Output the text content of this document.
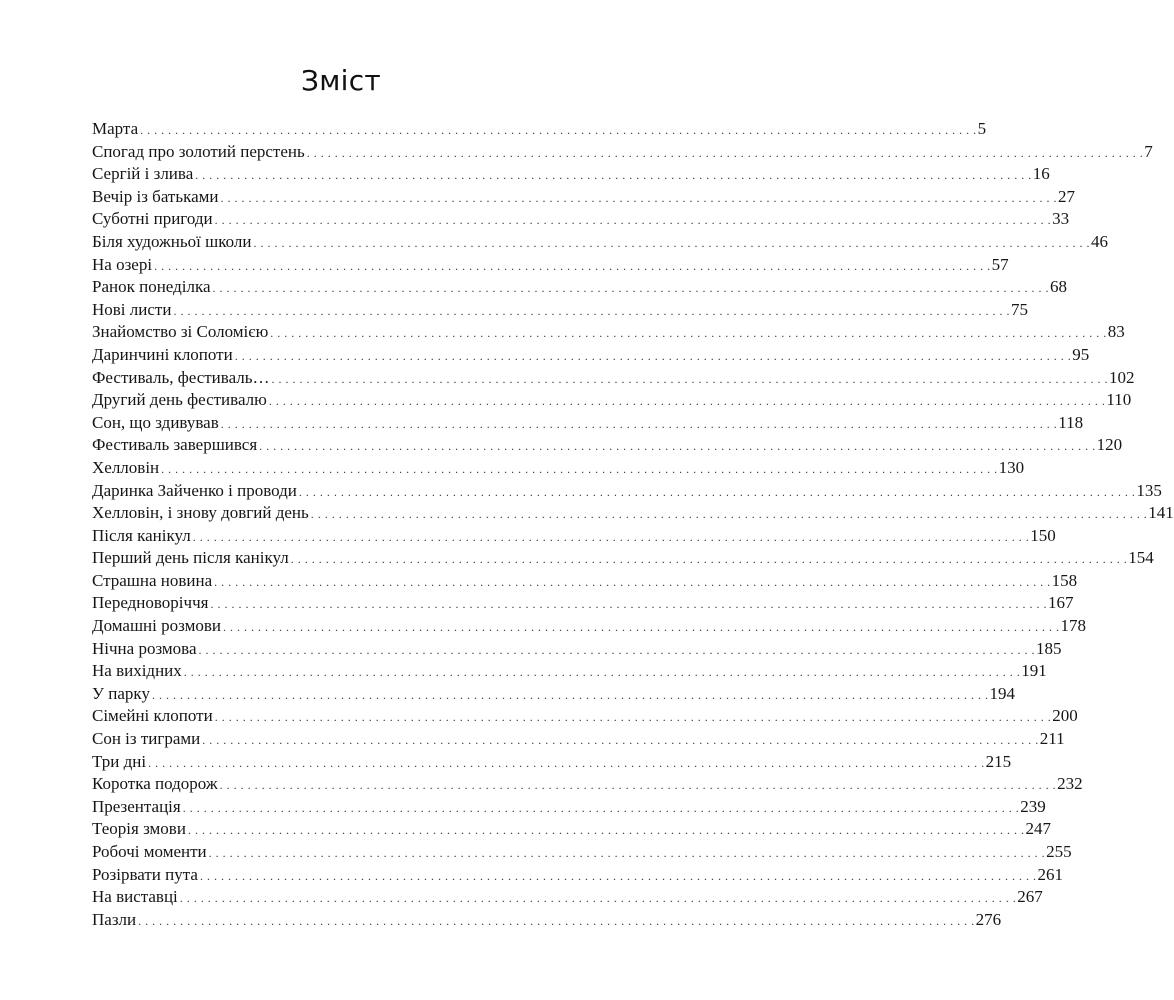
Зміст
Марта . . . . . . . . . . . . . . . . . . . . . . . . . . . . . . . . . . . . . . . . . . . . . . . . . . . . . . . . . . . . . . . . . . . . . . . . . . . . . . . . . . . . . . . . . . . . . . . . . . . . . . . . . . . . . . . . . . . . . . . . 5
Спогад про золотий перстень . . . . . . . . . . . . . . . . . . . . . . . . . . . . . . . . . . . . . . . . . . . . . . . . . . . . . . . . . . . . . . . . . . . . . . . . . . . . . . . . . . . . . . . . . . . . . . . . . . . . . . . . . . . . . . . . . . . . . . . . 7
Сергій і злива . . . . . . . . . . . . . . . . . . . . . . . . . . . . . . . . . . . . . . . . . . . . . . . . . . . . . . . . . . . . . . . . . . . . . . . . . . . . . . . . . . . . . . . . . . . . . . . . . . . . . . . . . . . . . . . . . . . . . . . . 16
Вечір із батьками . . . . . . . . . . . . . . . . . . . . . . . . . . . . . . . . . . . . . . . . . . . . . . . . . . . . . . . . . . . . . . . . . . . . . . . . . . . . . . . . . . . . . . . . . . . . . . . . . . . . . . . . . . . . . . . . . . . . . . . . 27
Суботні пригоди . . . . . . . . . . . . . . . . . . . . . . . . . . . . . . . . . . . . . . . . . . . . . . . . . . . . . . . . . . . . . . . . . . . . . . . . . . . . . . . . . . . . . . . . . . . . . . . . . . . . . . . . . . . . . . . . . . . . . . . . 33
Біля художньої школи . . . . . . . . . . . . . . . . . . . . . . . . . . . . . . . . . . . . . . . . . . . . . . . . . . . . . . . . . . . . . . . . . . . . . . . . . . . . . . . . . . . . . . . . . . . . . . . . . . . . . . . . . . . . . . . . . . . . . . . . 46
На озері . . . . . . . . . . . . . . . . . . . . . . . . . . . . . . . . . . . . . . . . . . . . . . . . . . . . . . . . . . . . . . . . . . . . . . . . . . . . . . . . . . . . . . . . . . . . . . . . . . . . . . . . . . . . . . . . . . . . . . . . 57
Ранок понеділка . . . . . . . . . . . . . . . . . . . . . . . . . . . . . . . . . . . . . . . . . . . . . . . . . . . . . . . . . . . . . . . . . . . . . . . . . . . . . . . . . . . . . . . . . . . . . . . . . . . . . . . . . . . . . . . . . . . . . . . . 68
Нові листи . . . . . . . . . . . . . . . . . . . . . . . . . . . . . . . . . . . . . . . . . . . . . . . . . . . . . . . . . . . . . . . . . . . . . . . . . . . . . . . . . . . . . . . . . . . . . . . . . . . . . . . . . . . . . . . . . . . . . . . . 75
Знайомство зі Соломією . . . . . . . . . . . . . . . . . . . . . . . . . . . . . . . . . . . . . . . . . . . . . . . . . . . . . . . . . . . . . . . . . . . . . . . . . . . . . . . . . . . . . . . . . . . . . . . . . . . . . . . . . . . . . . . . . . . . . . . . 83
Даринчині клопоти . . . . . . . . . . . . . . . . . . . . . . . . . . . . . . . . . . . . . . . . . . . . . . . . . . . . . . . . . . . . . . . . . . . . . . . . . . . . . . . . . . . . . . . . . . . . . . . . . . . . . . . . . . . . . . . . . . . . . . . . 95
Фестиваль, фестиваль… . . . . . . . . . . . . . . . . . . . . . . . . . . . . . . . . . . . . . . . . . . . . . . . . . . . . . . . . . . . . . . . . . . . . . . . . . . . . . . . . . . . . . . . . . . . . . . . . . . . . . . . . . . . . . . . . . . . . . . . . 102
Другий день фестивалю . . . . . . . . . . . . . . . . . . . . . . . . . . . . . . . . . . . . . . . . . . . . . . . . . . . . . . . . . . . . . . . . . . . . . . . . . . . . . . . . . . . . . . . . . . . . . . . . . . . . . . . . . . . . . . . . . . . . . . . . 110
Сон, що здивував . . . . . . . . . . . . . . . . . . . . . . . . . . . . . . . . . . . . . . . . . . . . . . . . . . . . . . . . . . . . . . . . . . . . . . . . . . . . . . . . . . . . . . . . . . . . . . . . . . . . . . . . . . . . . . . . . . . . . . . . 118
Фестиваль завершився . . . . . . . . . . . . . . . . . . . . . . . . . . . . . . . . . . . . . . . . . . . . . . . . . . . . . . . . . . . . . . . . . . . . . . . . . . . . . . . . . . . . . . . . . . . . . . . . . . . . . . . . . . . . . . . . . . . . . . . . 120
Хелловін . . . . . . . . . . . . . . . . . . . . . . . . . . . . . . . . . . . . . . . . . . . . . . . . . . . . . . . . . . . . . . . . . . . . . . . . . . . . . . . . . . . . . . . . . . . . . . . . . . . . . . . . . . . . . . . . . . . . . . . . 130
Даринка Зайченко і проводи . . . . . . . . . . . . . . . . . . . . . . . . . . . . . . . . . . . . . . . . . . . . . . . . . . . . . . . . . . . . . . . . . . . . . . . . . . . . . . . . . . . . . . . . . . . . . . . . . . . . . . . . . . . . . . . . . . . . . . . . 135
Хелловін, і знову довгий день . . . . . . . . . . . . . . . . . . . . . . . . . . . . . . . . . . . . . . . . . . . . . . . . . . . . . . . . . . . . . . . . . . . . . . . . . . . . . . . . . . . . . . . . . . . . . . . . . . . . . . . . . . . . . . . . . . . . . . . . 141
Після канікул . . . . . . . . . . . . . . . . . . . . . . . . . . . . . . . . . . . . . . . . . . . . . . . . . . . . . . . . . . . . . . . . . . . . . . . . . . . . . . . . . . . . . . . . . . . . . . . . . . . . . . . . . . . . . . . . . . . . . . . . 150
Перший день після канікул . . . . . . . . . . . . . . . . . . . . . . . . . . . . . . . . . . . . . . . . . . . . . . . . . . . . . . . . . . . . . . . . . . . . . . . . . . . . . . . . . . . . . . . . . . . . . . . . . . . . . . . . . . . . . . . . . . . . . . . . 154
Страшна новина . . . . . . . . . . . . . . . . . . . . . . . . . . . . . . . . . . . . . . . . . . . . . . . . . . . . . . . . . . . . . . . . . . . . . . . . . . . . . . . . . . . . . . . . . . . . . . . . . . . . . . . . . . . . . . . . . . . . . . . . 158
Передноворіччя . . . . . . . . . . . . . . . . . . . . . . . . . . . . . . . . . . . . . . . . . . . . . . . . . . . . . . . . . . . . . . . . . . . . . . . . . . . . . . . . . . . . . . . . . . . . . . . . . . . . . . . . . . . . . . . . . . . . . . . . 167
Домашні розмови . . . . . . . . . . . . . . . . . . . . . . . . . . . . . . . . . . . . . . . . . . . . . . . . . . . . . . . . . . . . . . . . . . . . . . . . . . . . . . . . . . . . . . . . . . . . . . . . . . . . . . . . . . . . . . . . . . . . . . . . 178
Нічна розмова . . . . . . . . . . . . . . . . . . . . . . . . . . . . . . . . . . . . . . . . . . . . . . . . . . . . . . . . . . . . . . . . . . . . . . . . . . . . . . . . . . . . . . . . . . . . . . . . . . . . . . . . . . . . . . . . . . . . . . . . 185
На вихідних . . . . . . . . . . . . . . . . . . . . . . . . . . . . . . . . . . . . . . . . . . . . . . . . . . . . . . . . . . . . . . . . . . . . . . . . . . . . . . . . . . . . . . . . . . . . . . . . . . . . . . . . . . . . . . . . . . . . . . . . 191
У парку . . . . . . . . . . . . . . . . . . . . . . . . . . . . . . . . . . . . . . . . . . . . . . . . . . . . . . . . . . . . . . . . . . . . . . . . . . . . . . . . . . . . . . . . . . . . . . . . . . . . . . . . . . . . . . . . . . . . . . . . 194
Сімейні клопоти . . . . . . . . . . . . . . . . . . . . . . . . . . . . . . . . . . . . . . . . . . . . . . . . . . . . . . . . . . . . . . . . . . . . . . . . . . . . . . . . . . . . . . . . . . . . . . . . . . . . . . . . . . . . . . . . . . . . . . . . 200
Сон із тиграми . . . . . . . . . . . . . . . . . . . . . . . . . . . . . . . . . . . . . . . . . . . . . . . . . . . . . . . . . . . . . . . . . . . . . . . . . . . . . . . . . . . . . . . . . . . . . . . . . . . . . . . . . . . . . . . . . . . . . . . . 211
Три дні . . . . . . . . . . . . . . . . . . . . . . . . . . . . . . . . . . . . . . . . . . . . . . . . . . . . . . . . . . . . . . . . . . . . . . . . . . . . . . . . . . . . . . . . . . . . . . . . . . . . . . . . . . . . . . . . . . . . . . . . 215
Коротка подорож . . . . . . . . . . . . . . . . . . . . . . . . . . . . . . . . . . . . . . . . . . . . . . . . . . . . . . . . . . . . . . . . . . . . . . . . . . . . . . . . . . . . . . . . . . . . . . . . . . . . . . . . . . . . . . . . . . . . . . . . 232
Презентація . . . . . . . . . . . . . . . . . . . . . . . . . . . . . . . . . . . . . . . . . . . . . . . . . . . . . . . . . . . . . . . . . . . . . . . . . . . . . . . . . . . . . . . . . . . . . . . . . . . . . . . . . . . . . . . . . . . . . . . . 239
Теорія змови . . . . . . . . . . . . . . . . . . . . . . . . . . . . . . . . . . . . . . . . . . . . . . . . . . . . . . . . . . . . . . . . . . . . . . . . . . . . . . . . . . . . . . . . . . . . . . . . . . . . . . . . . . . . . . . . . . . . . . . . 247
Робочі моменти . . . . . . . . . . . . . . . . . . . . . . . . . . . . . . . . . . . . . . . . . . . . . . . . . . . . . . . . . . . . . . . . . . . . . . . . . . . . . . . . . . . . . . . . . . . . . . . . . . . . . . . . . . . . . . . . . . . . . . . . 255
Розірвати пута . . . . . . . . . . . . . . . . . . . . . . . . . . . . . . . . . . . . . . . . . . . . . . . . . . . . . . . . . . . . . . . . . . . . . . . . . . . . . . . . . . . . . . . . . . . . . . . . . . . . . . . . . . . . . . . . . . . . . . . . 261
На виставці . . . . . . . . . . . . . . . . . . . . . . . . . . . . . . . . . . . . . . . . . . . . . . . . . . . . . . . . . . . . . . . . . . . . . . . . . . . . . . . . . . . . . . . . . . . . . . . . . . . . . . . . . . . . . . . . . . . . . . . . 267
Пазли . . . . . . . . . . . . . . . . . . . . . . . . . . . . . . . . . . . . . . . . . . . . . . . . . . . . . . . . . . . . . . . . . . . . . . . . . . . . . . . . . . . . . . . . . . . . . . . . . . . . . . . . . . . . . . . . . . . . . . . . 276
